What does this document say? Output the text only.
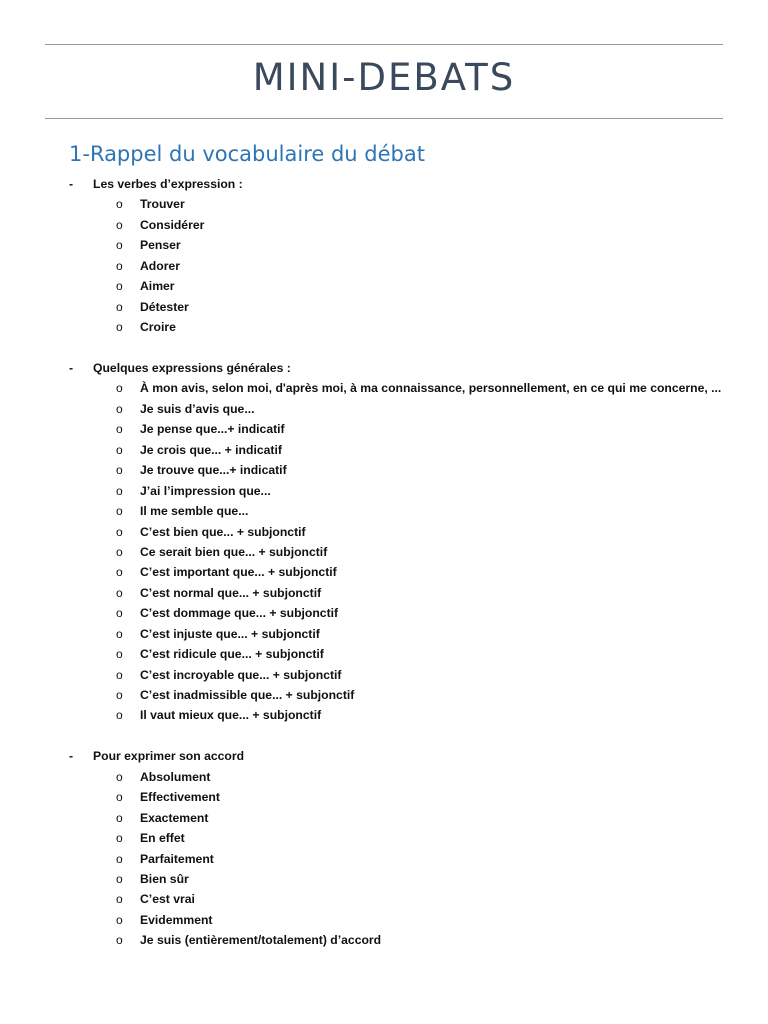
MINI-DEBATS
1-Rappel du vocabulaire du débat
- Les verbes d’expression :
o Trouver
o Considérer
o Penser
o Adorer
o Aimer
o Détester
o Croire
- Quelques expressions générales :
o À mon avis, selon moi, d'après moi, à ma connaissance, personnellement, en ce qui me concerne, ...
o Je suis d’avis que...
o Je pense que...+ indicatif
o Je crois que... + indicatif
o Je trouve que...+ indicatif
o J’ai l’impression que...
o Il me semble que...
o C’est bien que... + subjonctif
o Ce serait bien que... + subjonctif
o C’est important que... + subjonctif
o C’est normal que... + subjonctif
o C’est dommage que... + subjonctif
o C’est injuste que... + subjonctif
o C’est ridicule que... + subjonctif
o C’est incroyable que... + subjonctif
o C’est inadmissible que... + subjonctif
o Il vaut mieux que... + subjonctif
- Pour exprimer son accord
o Absolument
o Effectivement
o Exactement
o En effet
o Parfaitement
o Bien sûr
o C’est vrai
o Evidemment
o Je suis (entièrement/totalement) d’accord
